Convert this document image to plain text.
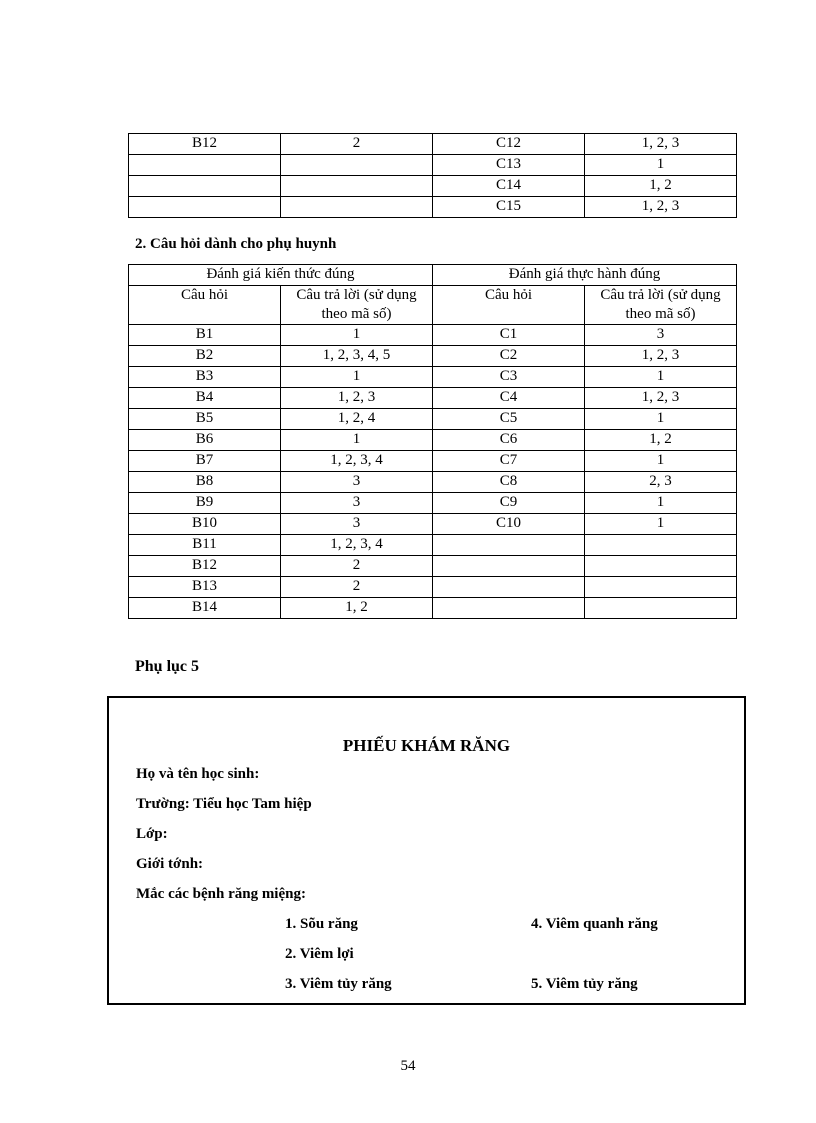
B12	2	C12	1, 2, 3
		C13	1
		C14	1, 2
		C15	1, 2, 3
2. Câu hỏi dành cho phụ huynh
Đánh giá kiến thức đúng		Đánh giá thực hành đúng	
Câu hỏi	Câu trả lời (sử dụng theo mã số)	Câu hỏi	Câu trả lời (sử dụng theo mã số)
B1	1	C1	3
B2	1, 2, 3, 4, 5	C2	1, 2, 3
B3	1	C3	1
B4	1, 2, 3	C4	1, 2, 3
B5	1, 2, 4	C5	1
B6	1	C6	1, 2
B7	1, 2, 3, 4	C7	1
B8	3	C8	2, 3
B9	3	C9	1
B10	3	C10	1
B11	1, 2, 3, 4		
B12	2		
B13	2		
B14	1, 2		
Phụ lục 5
PHIẾU KHÁM RĂNG
Họ và tên học sinh:
Trường: Tiểu học Tam hiệp
Lớp:
Giới tớnh:
Mắc các bệnh răng miệng:
1. Sõu răng	4. Viêm quanh răng
2. Viêm lợi
3. Viêm tủy răng	5. Viêm tủy răng
54
